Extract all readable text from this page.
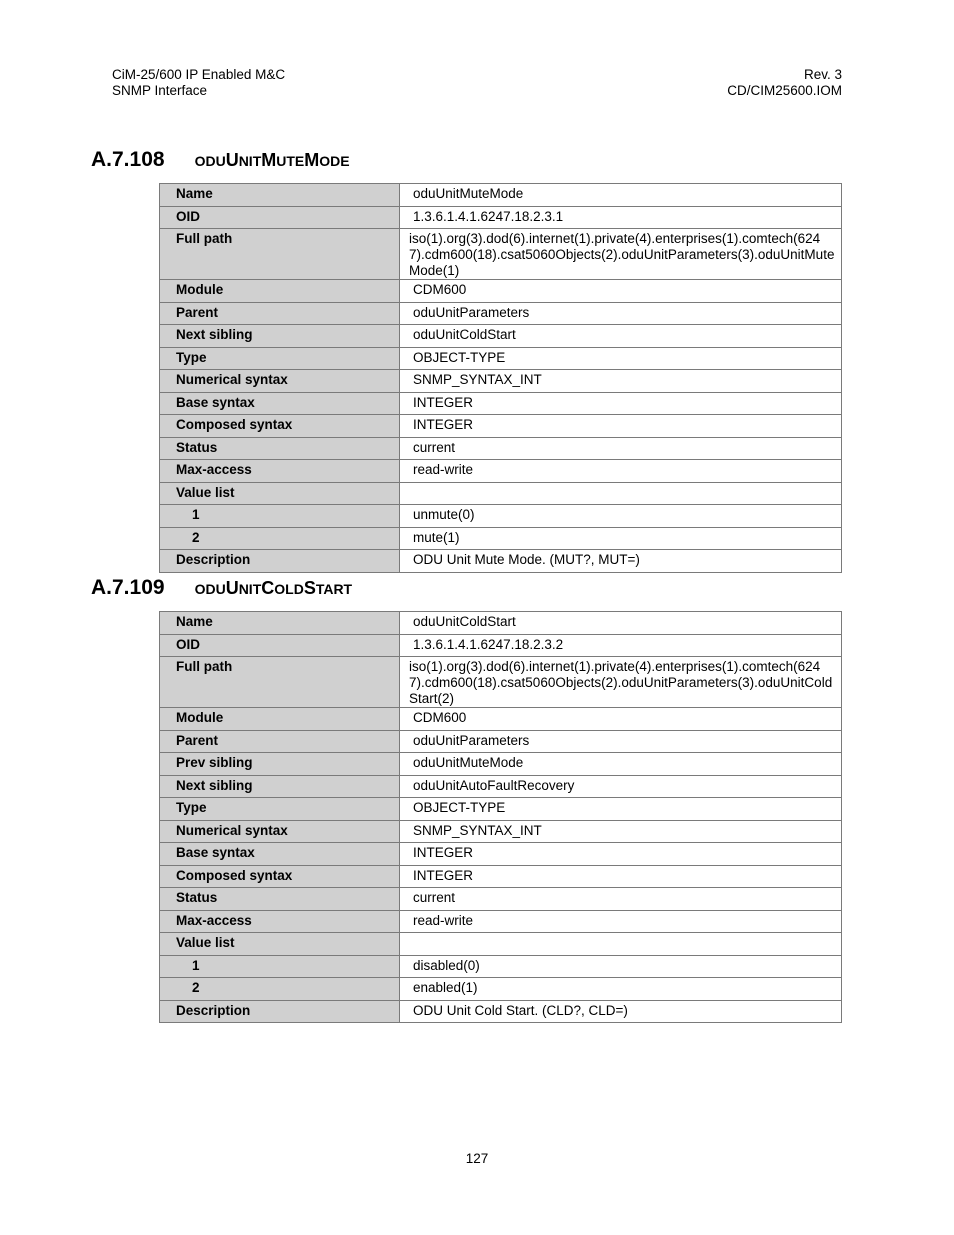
CiM-25/600 IP Enabled M&C
SNMP Interface
Rev. 3
CD/CIM25600.IOM
A.7.108 ODUUNITMUTEMODE
Name	oduUnitMuteMode
OID	1.3.6.1.4.1.6247.18.2.3.1
Full path	iso(1).org(3).dod(6).internet(1).private(4).enterprises(1).comtech(6247).cdm600(18).csat5060Objects(2).oduUnitParameters(3).oduUnitMuteMode(1)
Module	CDM600
Parent	oduUnitParameters
Next sibling	oduUnitColdStart
Type	OBJECT-TYPE
Numerical syntax	SNMP_SYNTAX_INT
Base syntax	INTEGER
Composed syntax	INTEGER
Status	current
Max-access	read-write
Value list	
1	unmute(0)
2	mute(1)
Description	ODU Unit Mute Mode. (MUT?, MUT=)
A.7.109 ODUUNITCOLDSTART
Name	oduUnitColdStart
OID	1.3.6.1.4.1.6247.18.2.3.2
Full path	iso(1).org(3).dod(6).internet(1).private(4).enterprises(1).comtech(6247).cdm600(18).csat5060Objects(2).oduUnitParameters(3).oduUnitColdStart(2)
Module	CDM600
Parent	oduUnitParameters
Prev sibling	oduUnitMuteMode
Next sibling	oduUnitAutoFaultRecovery
Type	OBJECT-TYPE
Numerical syntax	SNMP_SYNTAX_INT
Base syntax	INTEGER
Composed syntax	INTEGER
Status	current
Max-access	read-write
Value list	
1	disabled(0)
2	enabled(1)
Description	ODU Unit Cold Start. (CLD?, CLD=)
127
